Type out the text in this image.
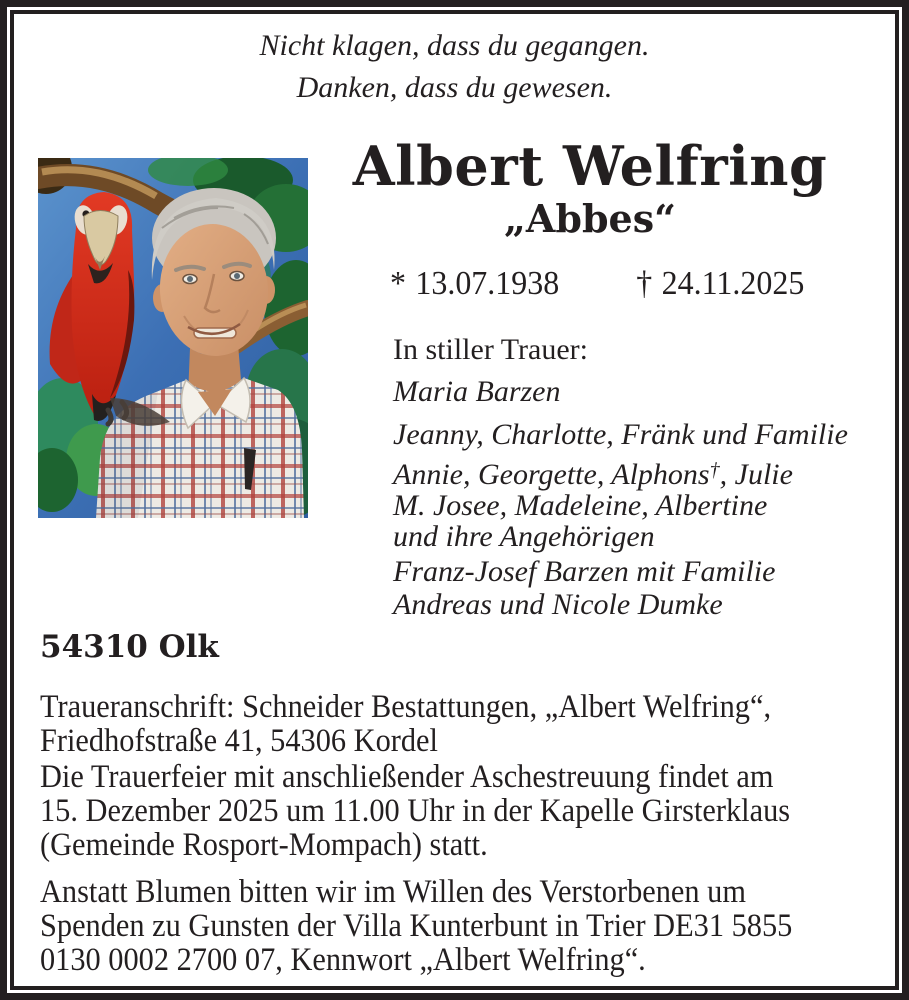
Nicht klagen, dass du gegangen.
Danken, dass du gewesen.
Albert Welfring
„Abbes“
* 13.07.1938 † 24.11.2025
In stiller Trauer:
Maria Barzen
Jeanny, Charlotte, Fränk und Familie
Annie, Georgette, Alphons†, Julie
M. Josee, Madeleine, Albertine
und ihre Angehörigen
Franz-Josef Barzen mit Familie
Andreas und Nicole Dumke
54310 Olk
Traueranschrift: Schneider Bestattungen, „Albert Welfring“,
Friedhofstraße 41, 54306 Kordel
Die Trauerfeier mit anschließender Aschestreuung findet am
15. Dezember 2025 um 11.00 Uhr in der Kapelle Girsterklaus
(Gemeinde Rosport-Mompach) statt.
Anstatt Blumen bitten wir im Willen des Verstorbenen um
Spenden zu Gunsten der Villa Kunterbunt in Trier DE31 5855
0130 0002 2700 07, Kennwort „Albert Welfring“.
